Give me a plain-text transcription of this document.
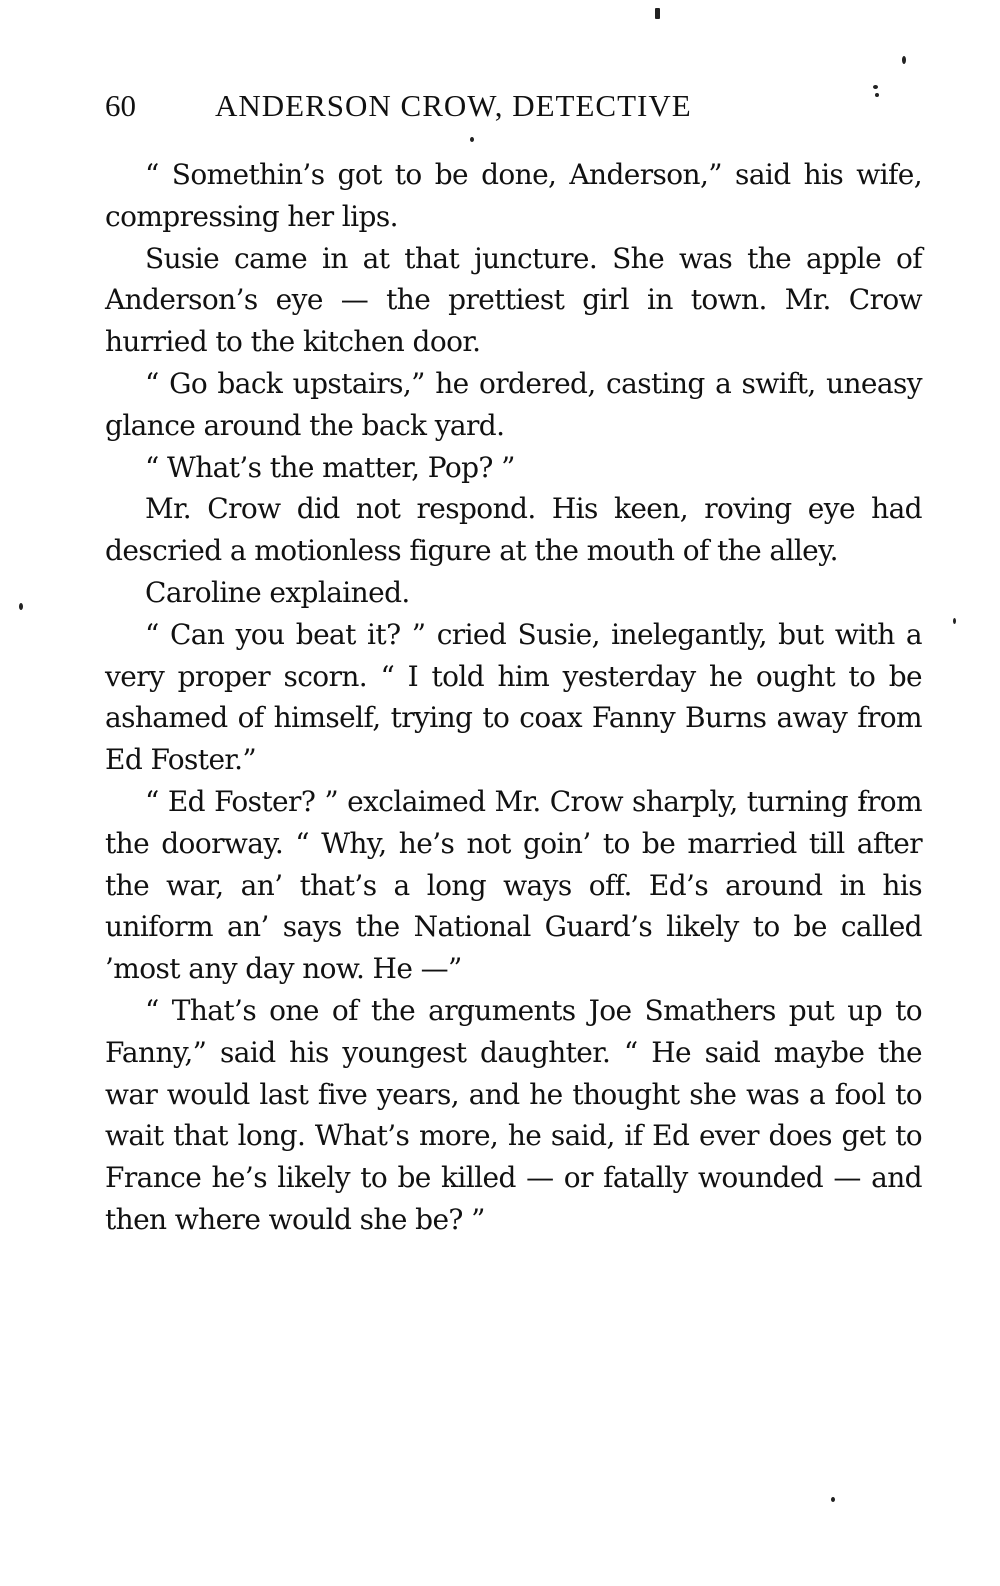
60	ANDERSON CROW, DETECTIVE

“ Somethin’s got to be done, Anderson,” said his wife, compressing her lips.

Susie came in at that juncture. She was the apple of Anderson’s eye — the prettiest girl in town. Mr. Crow hurried to the kitchen door.

“ Go back upstairs,” he ordered, casting a swift, uneasy glance around the back yard.

“ What’s the matter, Pop? ”

Mr. Crow did not respond. His keen, roving eye had descried a motionless figure at the mouth of the alley.

Caroline explained.

“ Can you beat it? ” cried Susie, inelegantly, but with a very proper scorn. “ I told him yesterday he ought to be ashamed of himself, trying to coax Fanny Burns away from Ed Foster.”

“ Ed Foster? ” exclaimed Mr. Crow sharply, turning from the doorway. “ Why, he’s not goin’ to be married till after the war, an’ that’s a long ways off. Ed’s around in his uniform an’ says the National Guard’s likely to be called ’most any day now. He —”

“ That’s one of the arguments Joe Smathers put up to Fanny,” said his youngest daughter. “ He said maybe the war would last five years, and he thought she was a fool to wait that long. What’s more, he said, if Ed ever does get to France he’s likely to be killed — or fatally wounded — and then where would she be? ”
